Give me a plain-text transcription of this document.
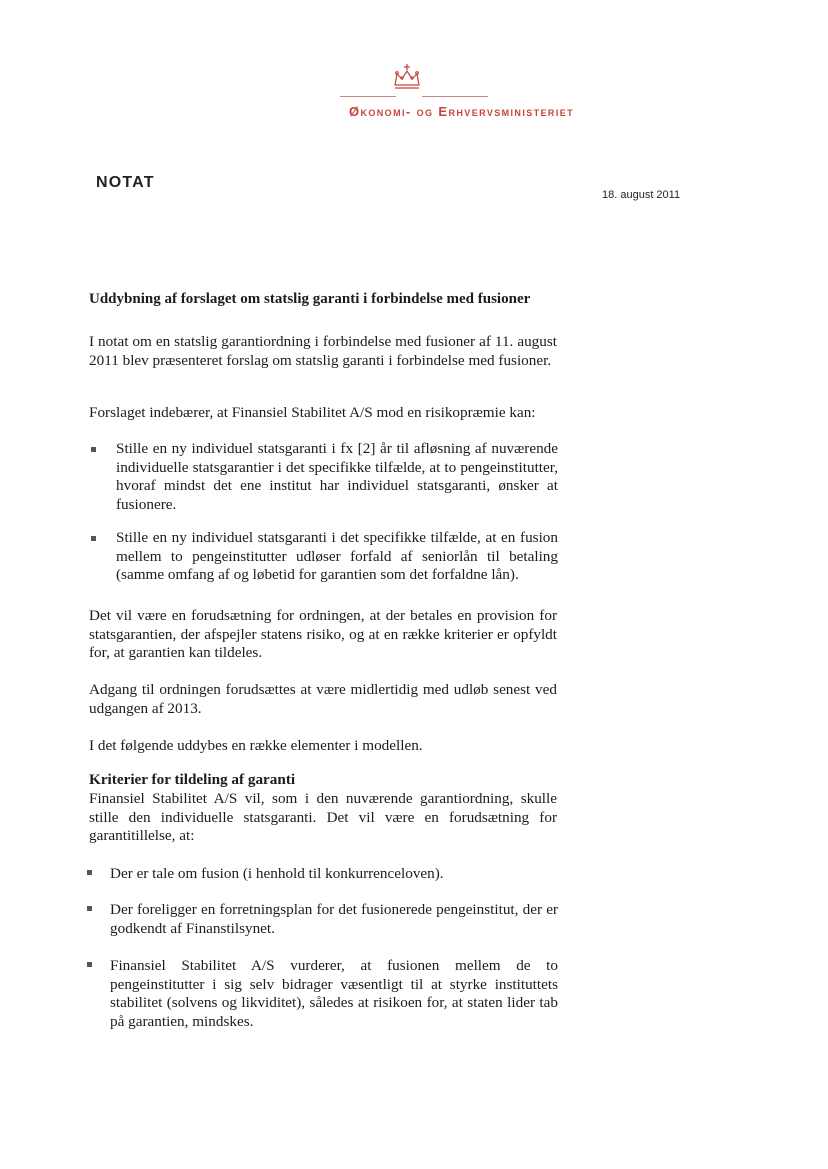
Økonomi- og Erhvervsministeriet
NOTAT
18. august 2011
Uddybning af forslaget om statslig garanti i forbindelse med fusioner
I notat om en statslig garantiordning i forbindelse med fusioner af 11. august 2011 blev præsenteret forslag om statslig garanti i forbindelse med fusioner.
Forslaget indebærer, at Finansiel Stabilitet A/S mod en risikopræmie kan:
Stille en ny individuel statsgaranti i fx [2] år til afløsning af nuværende individuelle statsgarantier i det specifikke tilfælde, at to pengeinstitutter, hvoraf mindst det ene institut har individuel statsgaranti, ønsker at fusionere.
Stille en ny individuel statsgaranti i det specifikke tilfælde, at en fusion mellem to pengeinstitutter udløser forfald af seniorlån til betaling (samme omfang af og løbetid for garantien som det forfaldne lån).
Det vil være en forudsætning for ordningen, at der betales en provision for statsgarantien, der afspejler statens risiko, og at en række kriterier er opfyldt for, at garantien kan tildeles.
Adgang til ordningen forudsættes at være midlertidig med udløb senest ved udgangen af 2013.
I det følgende uddybes en række elementer i modellen.
Kriterier for tildeling af garanti
Finansiel Stabilitet A/S vil, som i den nuværende garantiordning, skulle stille den individuelle statsgaranti. Det vil være en forudsætning for garantitillelse, at:
Der er tale om fusion (i henhold til konkurrenceloven).
Der foreligger en forretningsplan for det fusionerede pengeinstitut, der er godkendt af Finanstilsynet.
Finansiel Stabilitet A/S vurderer, at fusionen mellem de to pengeinstitutter i sig selv bidrager væsentligt til at styrke instituttets stabilitet (solvens og likviditet), således at risikoen for, at staten lider tab på garantien, mindskes.
